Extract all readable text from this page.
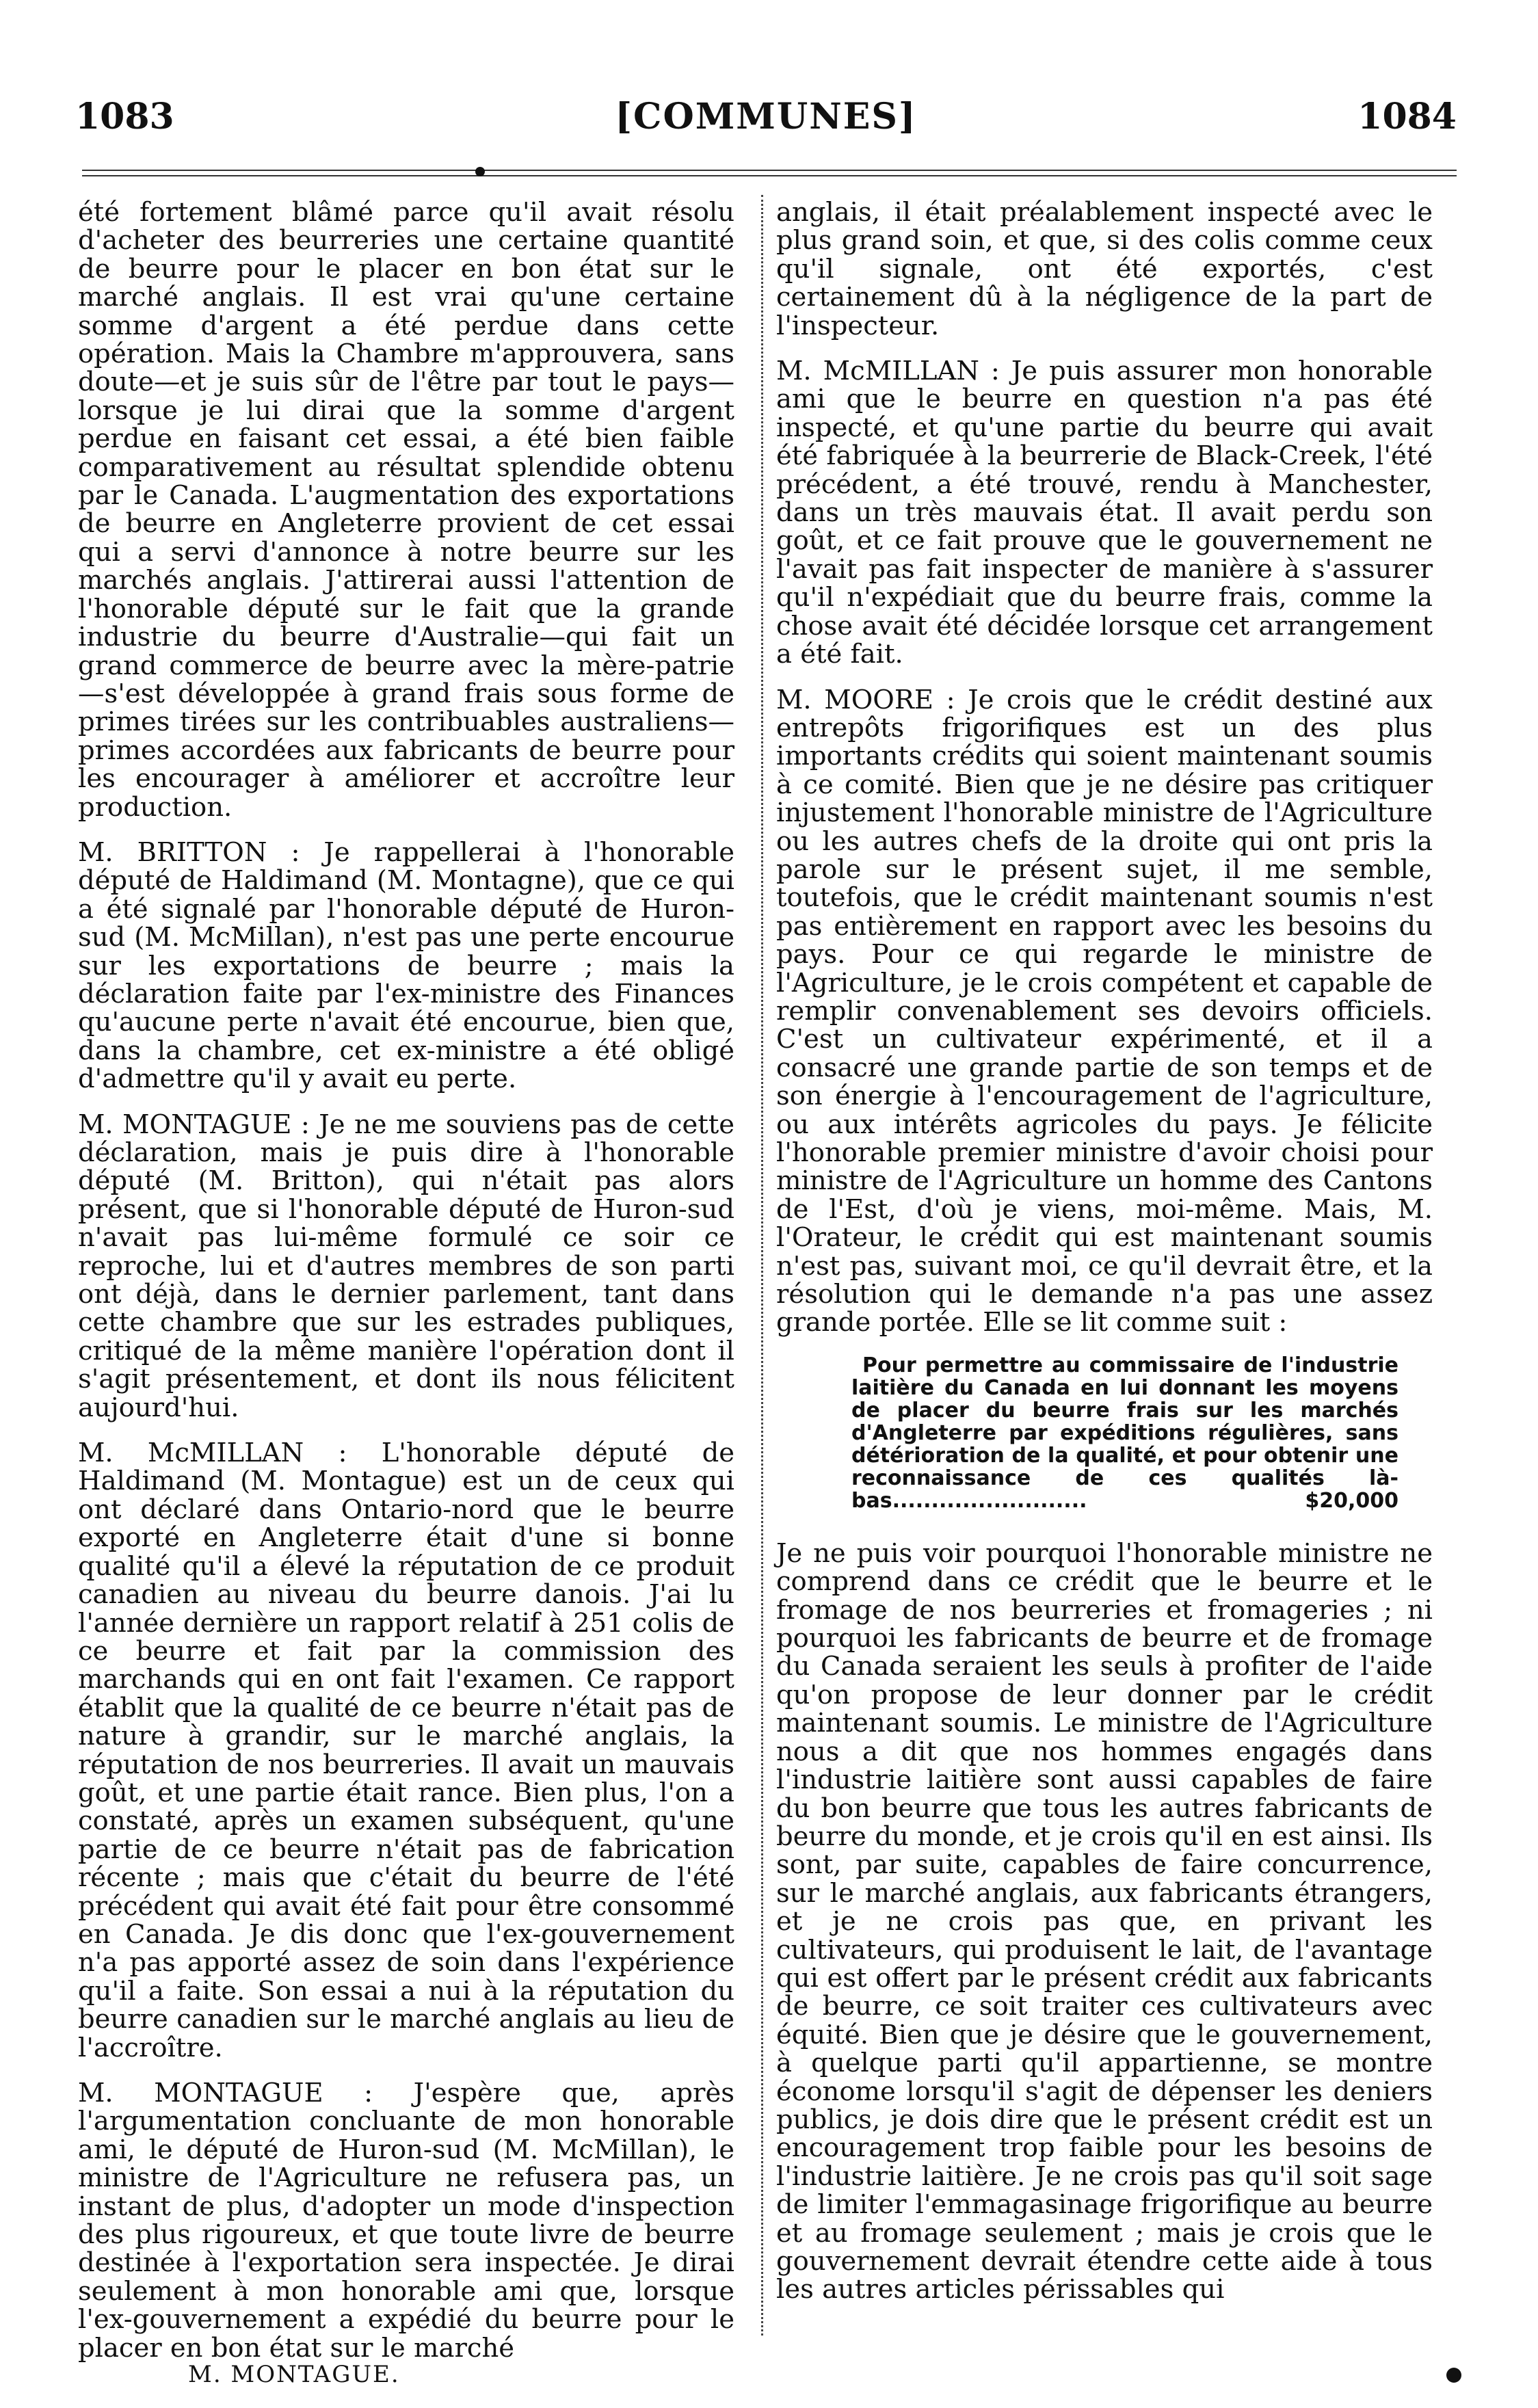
1083	[COMMUNES]	1084

été fortement blâmé parce qu'il avait résolu d'acheter des beurreries une certaine quantité de beurre pour le placer en bon état sur le marché anglais. Il est vrai qu'une certaine somme d'argent a été perdue dans cette opération. Mais la Chambre m'approuvera, sans doute—et je suis sûr de l'être par tout le pays—lorsque je lui dirai que la somme d'argent perdue en faisant cet essai, a été bien faible comparativement au résultat splendide obtenu par le Canada. L'augmentation des exportations de beurre en Angleterre provient de cet essai qui a servi d'annonce à notre beurre sur les marchés anglais. J'attirerai aussi l'attention de l'honorable député sur le fait que la grande industrie du beurre d'Australie—qui fait un grand commerce de beurre avec la mère-patrie—s'est développée à grand frais sous forme de primes tirées sur les contribuables australiens—primes accordées aux fabricants de beurre pour les encourager à améliorer et accroître leur production.

M. BRITTON : Je rappellerai à l'honorable député de Haldimand (M. Montagne), que ce qui a été signalé par l'honorable député de Huron-sud (M. McMillan), n'est pas une perte encourue sur les exportations de beurre ; mais la déclaration faite par l'ex-ministre des Finances qu'aucune perte n'avait été encourue, bien que, dans la chambre, cet ex-ministre a été obligé d'admettre qu'il y avait eu perte.

M. MONTAGUE : Je ne me souviens pas de cette déclaration, mais je puis dire à l'honorable député (M. Britton), qui n'était pas alors présent, que si l'honorable député de Huron-sud n'avait pas lui-même formulé ce soir ce reproche, lui et d'autres membres de son parti ont déjà, dans le dernier parlement, tant dans cette chambre que sur les estrades publiques, critiqué de la même manière l'opération dont il s'agit présentement, et dont ils nous félicitent aujourd'hui.

M. McMILLAN : L'honorable député de Haldimand (M. Montague) est un de ceux qui ont déclaré dans Ontario-nord que le beurre exporté en Angleterre était d'une si bonne qualité qu'il a élevé la réputation de ce produit canadien au niveau du beurre danois. J'ai lu l'année dernière un rapport relatif à 251 colis de ce beurre et fait par la commission des marchands qui en ont fait l'examen. Ce rapport établit que la qualité de ce beurre n'était pas de nature à grandir, sur le marché anglais, la réputation de nos beurreries. Il avait un mauvais goût, et une partie était rance. Bien plus, l'on a constaté, après un examen subséquent, qu'une partie de ce beurre n'était pas de fabrication récente ; mais que c'était du beurre de l'été précédent qui avait été fait pour être consommé en Canada. Je dis donc que l'ex-gouvernement n'a pas apporté assez de soin dans l'expérience qu'il a faite. Son essai a nui à la réputation du beurre canadien sur le marché anglais au lieu de l'accroître.

M. MONTAGUE : J'espère que, après l'argumentation concluante de mon honorable ami, le député de Huron-sud (M. McMillan), le ministre de l'Agriculture ne refusera pas, un instant de plus, d'adopter un mode d'inspection des plus rigoureux, et que toute livre de beurre destinée à l'exportation sera inspectée. Je dirai seulement à mon honorable ami que, lorsque l'ex-gouvernement a expédié du beurre pour le placer en bon état sur le marché

anglais, il était préalablement inspecté avec le plus grand soin, et que, si des colis comme ceux qu'il signale, ont été exportés, c'est certainement dû à la négligence de la part de l'inspecteur.

M. McMILLAN : Je puis assurer mon honorable ami que le beurre en question n'a pas été inspecté, et qu'une partie du beurre qui avait été fabriquée à la beurrerie de Black-Creek, l'été précédent, a été trouvé, rendu à Manchester, dans un très mauvais état. Il avait perdu son goût, et ce fait prouve que le gouvernement ne l'avait pas fait inspecter de manière à s'assurer qu'il n'expédiait que du beurre frais, comme la chose avait été décidée lorsque cet arrangement a été fait.

M. MOORE : Je crois que le crédit destiné aux entrepôts frigorifiques est un des plus importants crédits qui soient maintenant soumis à ce comité. Bien que je ne désire pas critiquer injustement l'honorable ministre de l'Agriculture ou les autres chefs de la droite qui ont pris la parole sur le présent sujet, il me semble, toutefois, que le crédit maintenant soumis n'est pas entièrement en rapport avec les besoins du pays. Pour ce qui regarde le ministre de l'Agriculture, je le crois compétent et capable de remplir convenablement ses devoirs officiels. C'est un cultivateur expérimenté, et il a consacré une grande partie de son temps et de son énergie à l'encouragement de l'agriculture, ou aux intérêts agricoles du pays. Je félicite l'honorable premier ministre d'avoir choisi pour ministre de l'Agriculture un homme des Cantons de l'Est, d'où je viens, moi-même. Mais, M. l'Orateur, le crédit qui est maintenant soumis n'est pas, suivant moi, ce qu'il devrait être, et la résolution qui le demande n'a pas une assez grande portée. Elle se lit comme suit :

Pour permettre au commissaire de l'industrie laitière du Canada en lui donnant les moyens de placer du beurre frais sur les marchés d'Angleterre par expéditions régulières, sans détérioration de la qualité, et pour obtenir une reconnaissance de ces qualités là-bas.........................	$20,000

Je ne puis voir pourquoi l'honorable ministre ne comprend dans ce crédit que le beurre et le fromage de nos beurreries et fromageries ; ni pourquoi les fabricants de beurre et de fromage du Canada seraient les seuls à profiter de l'aide qu'on propose de leur donner par le crédit maintenant soumis. Le ministre de l'Agriculture nous a dit que nos hommes engagés dans l'industrie laitière sont aussi capables de faire du bon beurre que tous les autres fabricants de beurre du monde, et je crois qu'il en est ainsi. Ils sont, par suite, capables de faire concurrence, sur le marché anglais, aux fabricants étrangers, et je ne crois pas que, en privant les cultivateurs, qui produisent le lait, de l'avantage qui est offert par le présent crédit aux fabricants de beurre, ce soit traiter ces cultivateurs avec équité. Bien que je désire que le gouvernement, à quelque parti qu'il appartienne, se montre économe lorsqu'il s'agit de dépenser les deniers publics, je dois dire que le présent crédit est un encouragement trop faible pour les besoins de l'industrie laitière. Je ne crois pas qu'il soit sage de limiter l'emmagasinage frigorifique au beurre et au fromage seulement ; mais je crois que le gouvernement devrait étendre cette aide à tous les autres articles périssables qui

M. MONTAGUE.
